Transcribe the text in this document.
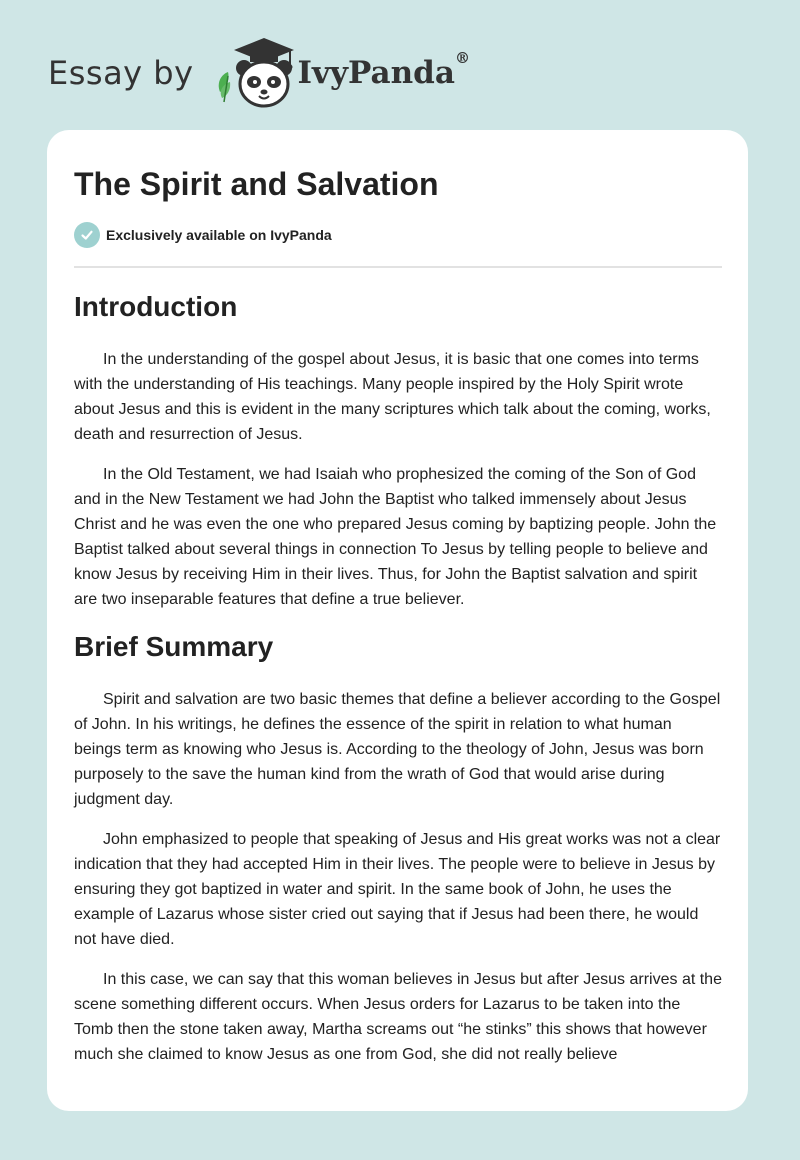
Essay by	IvyPanda®
The Spirit and Salvation
Exclusively available on IvyPanda
Introduction

In the understanding of the gospel about Jesus, it is basic that one comes into terms with the understanding of His teachings. Many people inspired by the Holy Spirit wrote about Jesus and this is evident in the many scriptures which talk about the coming, works, death and resurrection of Jesus.

In the Old Testament, we had Isaiah who prophesized the coming of the Son of God and in the New Testament we had John the Baptist who talked immensely about Jesus Christ and he was even the one who prepared Jesus coming by baptizing people. John the Baptist talked about several things in connection To Jesus by telling people to believe and know Jesus by receiving Him in their lives. Thus, for John the Baptist salvation and spirit are two inseparable features that define a true believer.

Brief Summary

Spirit and salvation are two basic themes that define a believer according to the Gospel of John. In his writings, he defines the essence of the spirit in relation to what human beings term as knowing who Jesus is. According to the theology of John, Jesus was born purposely to the save the human kind from the wrath of God that would arise during judgment day.

John emphasized to people that speaking of Jesus and His great works was not a clear indication that they had accepted Him in their lives. The people were to believe in Jesus by ensuring they got baptized in water and spirit. In the same book of John, he uses the example of Lazarus whose sister cried out saying that if Jesus had been there, he would not have died.

In this case, we can say that this woman believes in Jesus but after Jesus arrives at the scene something different occurs. When Jesus orders for Lazarus to be taken into the Tomb then the stone taken away, Martha screams out “he stinks” this shows that however much she claimed to know Jesus as one from God, she did not really believe
